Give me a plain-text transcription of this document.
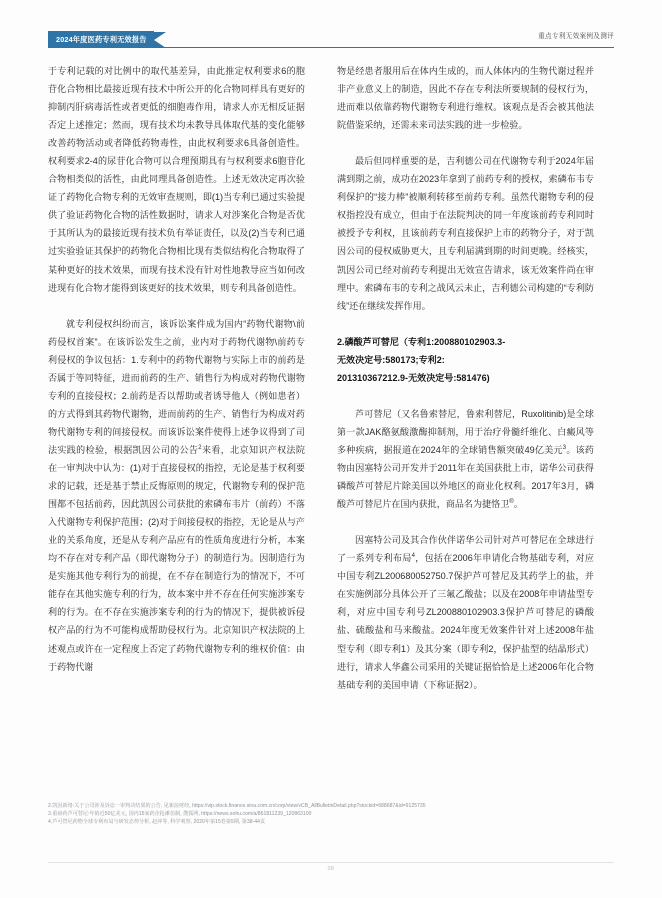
2024年度医药专利无效报告	重点专利无效案例及测评

于专利记载的对比例中的取代基差异，由此推定权利要求6的胞苷化合物相比最接近现有技术中所公开的化合物同样具有更好的抑制丙肝病毒活性或者更低的细胞毒作用，请求人亦无相反证据否定上述推定；然而，现有技术均未教导具体取代基的变化能够改善药物活动或者降低药物毒性，由此权利要求6具备创造性。权利要求2-4的尿苷化合物可以合理预期具有与权利要求6胞苷化合物相类似的活性，由此同理具备创造性。上述无效决定再次验证了药物化合物专利的无效审查规则，即(1)当专利已通过实验提供了验证药物化合物的活性数据时，请求人对涉案化合物是否优于其所认为的最接近现有技术负有举证责任，以及(2)当专利已通过实验验证其保护的药物化合物相比现有类似结构化合物取得了某种更好的技术效果，而现有技术没有针对性地教导应当如何改进现有化合物才能得到该更好的技术效果，则专利具备创造性。

就专利侵权纠纷而言，该诉讼案件成为国内“药物代谢物\前药侵权首案”。在该诉讼发生之前，业内对于药物代谢物\前药专利侵权的争议包括：1.专利中的药物代谢物与实际上市的前药是否属于等同特征，进而前药的生产、销售行为构成对药物代谢物专利的直接侵权；2.前药是否以帮助或者诱导他人（例如患者）的方式得到其药物代谢物，进而前药的生产、销售行为构成对药物代谢物专利的间接侵权。而该诉讼案件使得上述争议得到了司法实践的检验，根据凯因公司的公告$^2$来看，北京知识产权法院在一审判决中认为：(1)对于直接侵权的指控，无论是基于权利要求的记载，还是基于禁止反悔原则的规定，代谢物专利的保护范围都不包括前药，因此凯因公司获批的索磷布韦片（前药）不落入代谢物专利保护范围；(2)对于间接侵权的指控，无论是从与产业的关系角度，还是从专利产品应有的性质角度进行分析，本案均不存在对专利产品（即代谢物分子）的制造行为。因制造行为是实施其他专利行为的前提，在不存在制造行为的情况下，不可能存在其他实施专利的行为，故本案中并不存在任何实施涉案专利的行为。在不存在实施涉案专利的行为的情况下，提供被诉侵权产品的行为不可能构成帮助侵权行为。北京知识产权法院的上述观点或许在一定程度上否定了药物代谢物专利的维权价值：由于药物代谢

物是经患者服用后在体内生成的，而人体体内的生物代谢过程并非产业意义上的制造，因此不存在专利法所要规制的侵权行为，进而难以依靠药物代谢物专利进行维权。该观点是否会被其他法院借鉴采纳，还需未来司法实践的进一步检验。

最后但同样重要的是，吉利德公司在代谢物专利于2024年届满到期之前，成功在2023年拿到了前药专利的授权，索磷布韦专利保护的“接力棒”被顺利转移至前药专利。虽然代谢物专利的侵权指控没有成立，但由于在法院判决的同一年度该前药专利同时被授予专利权，且该前药专利直接保护上市的药物分子，对于凯因公司的侵权威胁更大，且专利届满到期的时间更晚。经核实，凯因公司已经对前药专利提出无效宣告请求，该无效案件尚在审理中。索磷布韦的专利之战风云未止，吉利德公司构建的“专利防线”还在继续发挥作用。

2.磷酸芦可替尼（专利1:200880102903.3-

无效决定号:580173;专利2:

201310367212.9-无效决定号:581476)

芦可替尼（又名鲁索替尼，鲁索利替尼，Ruxolitinib)是全球第一款JAK酪氨酸激酶抑制剂，用于治疗骨髓纤维化、白癜风等多种疾病，据报道在2024年的全球销售额突破49亿美元$^3$。该药物由因塞特公司开发并于2011年在美国获批上市，诺华公司获得磷酸芦可替尼片除美国以外地区的商业化权利。2017年3月，磷酸芦可替尼片在国内获批，商品名为捷恪卫®。

因塞特公司及其合作伙伴诺华公司针对芦可替尼在全球进行了一系列专利布局$^4$，包括在2006年申请化合物基础专利，对应中国专利ZL200680052750.7保护芦可替尼及其药学上的盐，并在实施例部分具体公开了三氟乙酸盐；以及在2008年申请盐型专利，对应中国专利号ZL200880102903.3保护芦可替尼的磷酸盐、硫酸盐和马来酸盐。2024年度无效案件针对上述2008年盐型专利（即专利1）及其分案（即专利2，保护盐型的结晶形式）进行，请求人华鑫公司采用的关键证据恰恰是上述2006年化合物基础专利的美国申请（下称证据2）。

2.凯因新络:关于公司涉及诉讼一审判决结果的公告, 见新浪财经, https://vip.stock.finance.sina.com.cn/corp/view/vCB_AllBulletinDetail.php?stockid=688687&id=9125735
3.重磅药芦可替尼:年销近50亿美元, 国内15家药企抢滩仿制, 搜狐网, https://news.sohu.com/a/861811239_120863100
4.芦可替尼药物全球专利布局与研发态势分析, 赵萍等, 科学观察, 2020年第15卷第5期, 第38-44页
08
